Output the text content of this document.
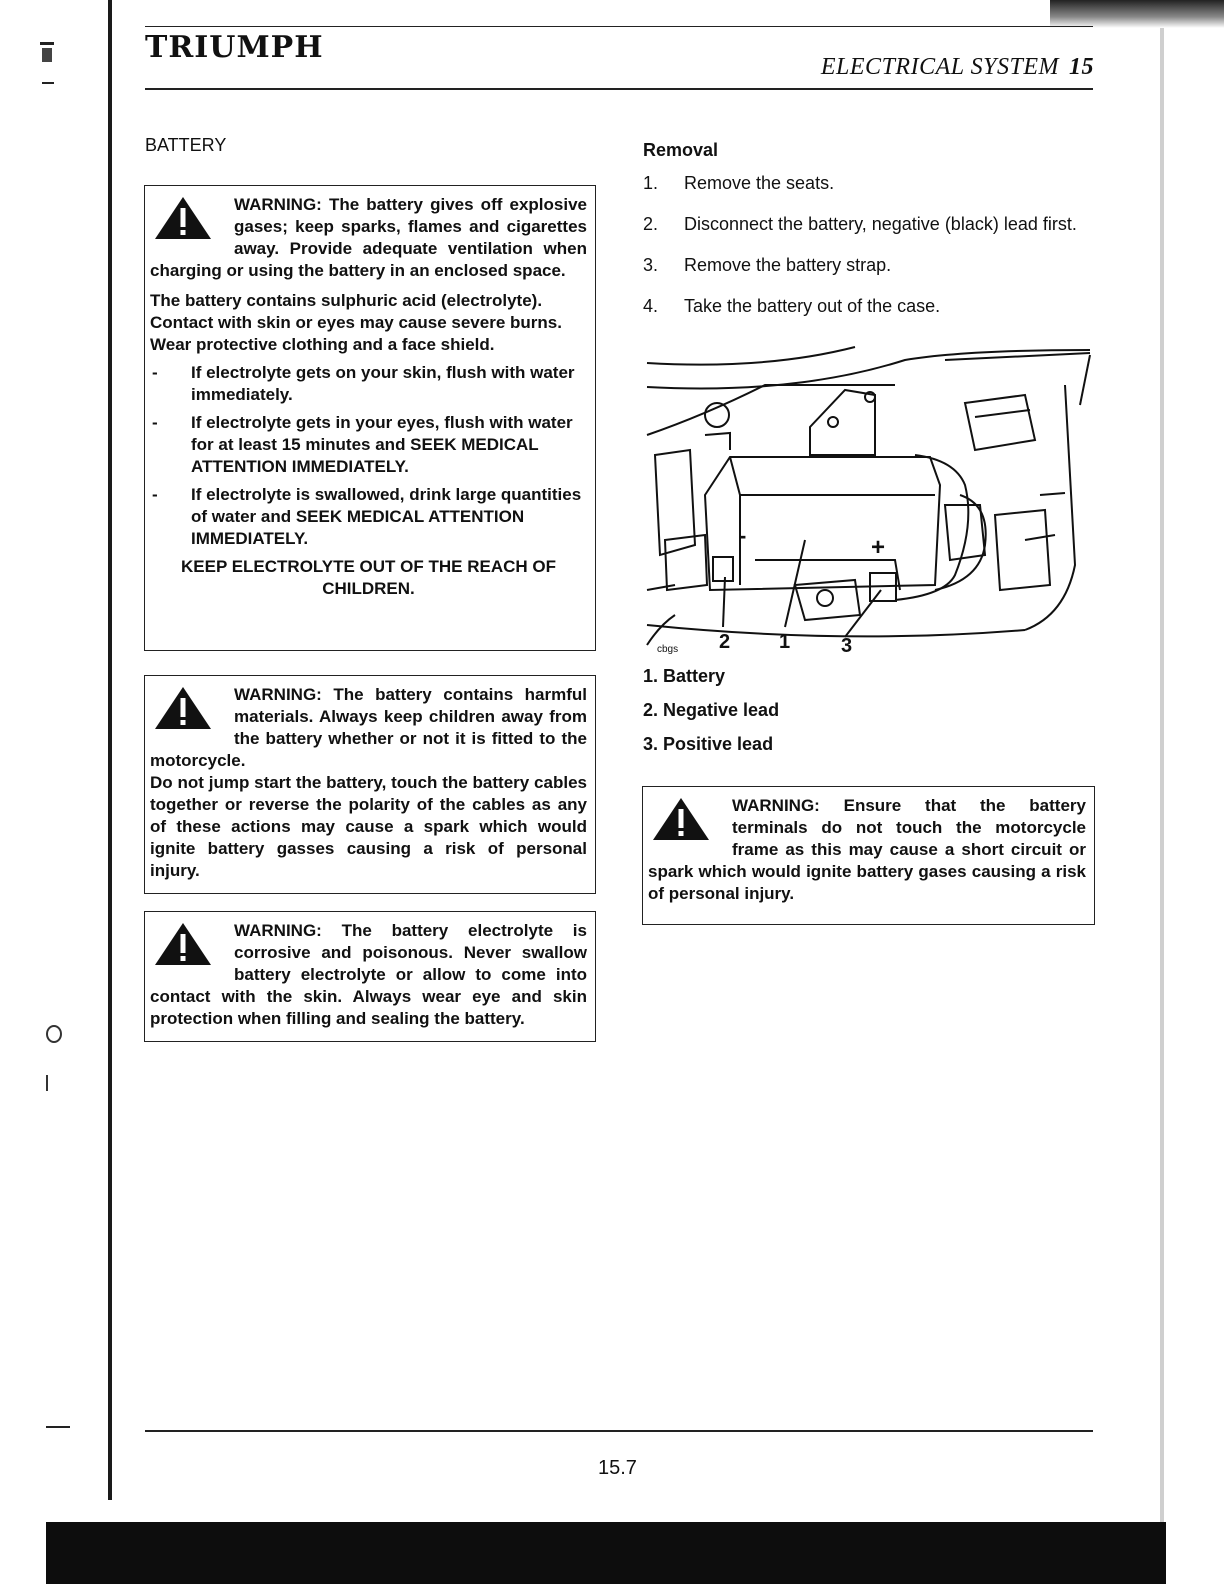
TRIUMPH
ELECTRICAL SYSTEM 15
BATTERY

WARNING: The battery gives off explosive gases; keep sparks, flames and cigarettes away. Provide adequate ventilation when charging or using the battery in an enclosed space.

The battery contains sulphuric acid (electrolyte). Contact with skin or eyes may cause severe burns. Wear protective clothing and a face shield.

- If electrolyte gets on your skin, flush with water immediately.
- If electrolyte gets in your eyes, flush with water for at least 15 minutes and SEEK MEDICAL ATTENTION IMMEDIATELY.
- If electrolyte is swallowed, drink large quantities of water and SEEK MEDICAL ATTENTION IMMEDIATELY.

KEEP ELECTROLYTE OUT OF THE REACH OF CHILDREN.

WARNING: The battery contains harmful materials. Always keep children away from the battery whether or not it is fitted to the motorcycle.

Do not jump start the battery, touch the battery cables together or reverse the polarity of the cables as any of these actions may cause a spark which would ignite battery gasses causing a risk of personal injury.

WARNING: The battery electrolyte is corrosive and poisonous. Never swallow battery electrolyte or allow to come into contact with the skin. Always wear eye and skin protection when filling and sealing the battery.

Removal
1. Remove the seats.
2. Disconnect the battery, negative (black) lead first.
3. Remove the battery strap.
4. Take the battery out of the case.
-	+
cbgs 2 1	3
1. Battery
2. Negative lead
3. Positive lead

WARNING: Ensure that the battery terminals do not touch the motorcycle frame as this may cause a short circuit or spark which would ignite battery gases causing a risk of personal injury.

15.7
